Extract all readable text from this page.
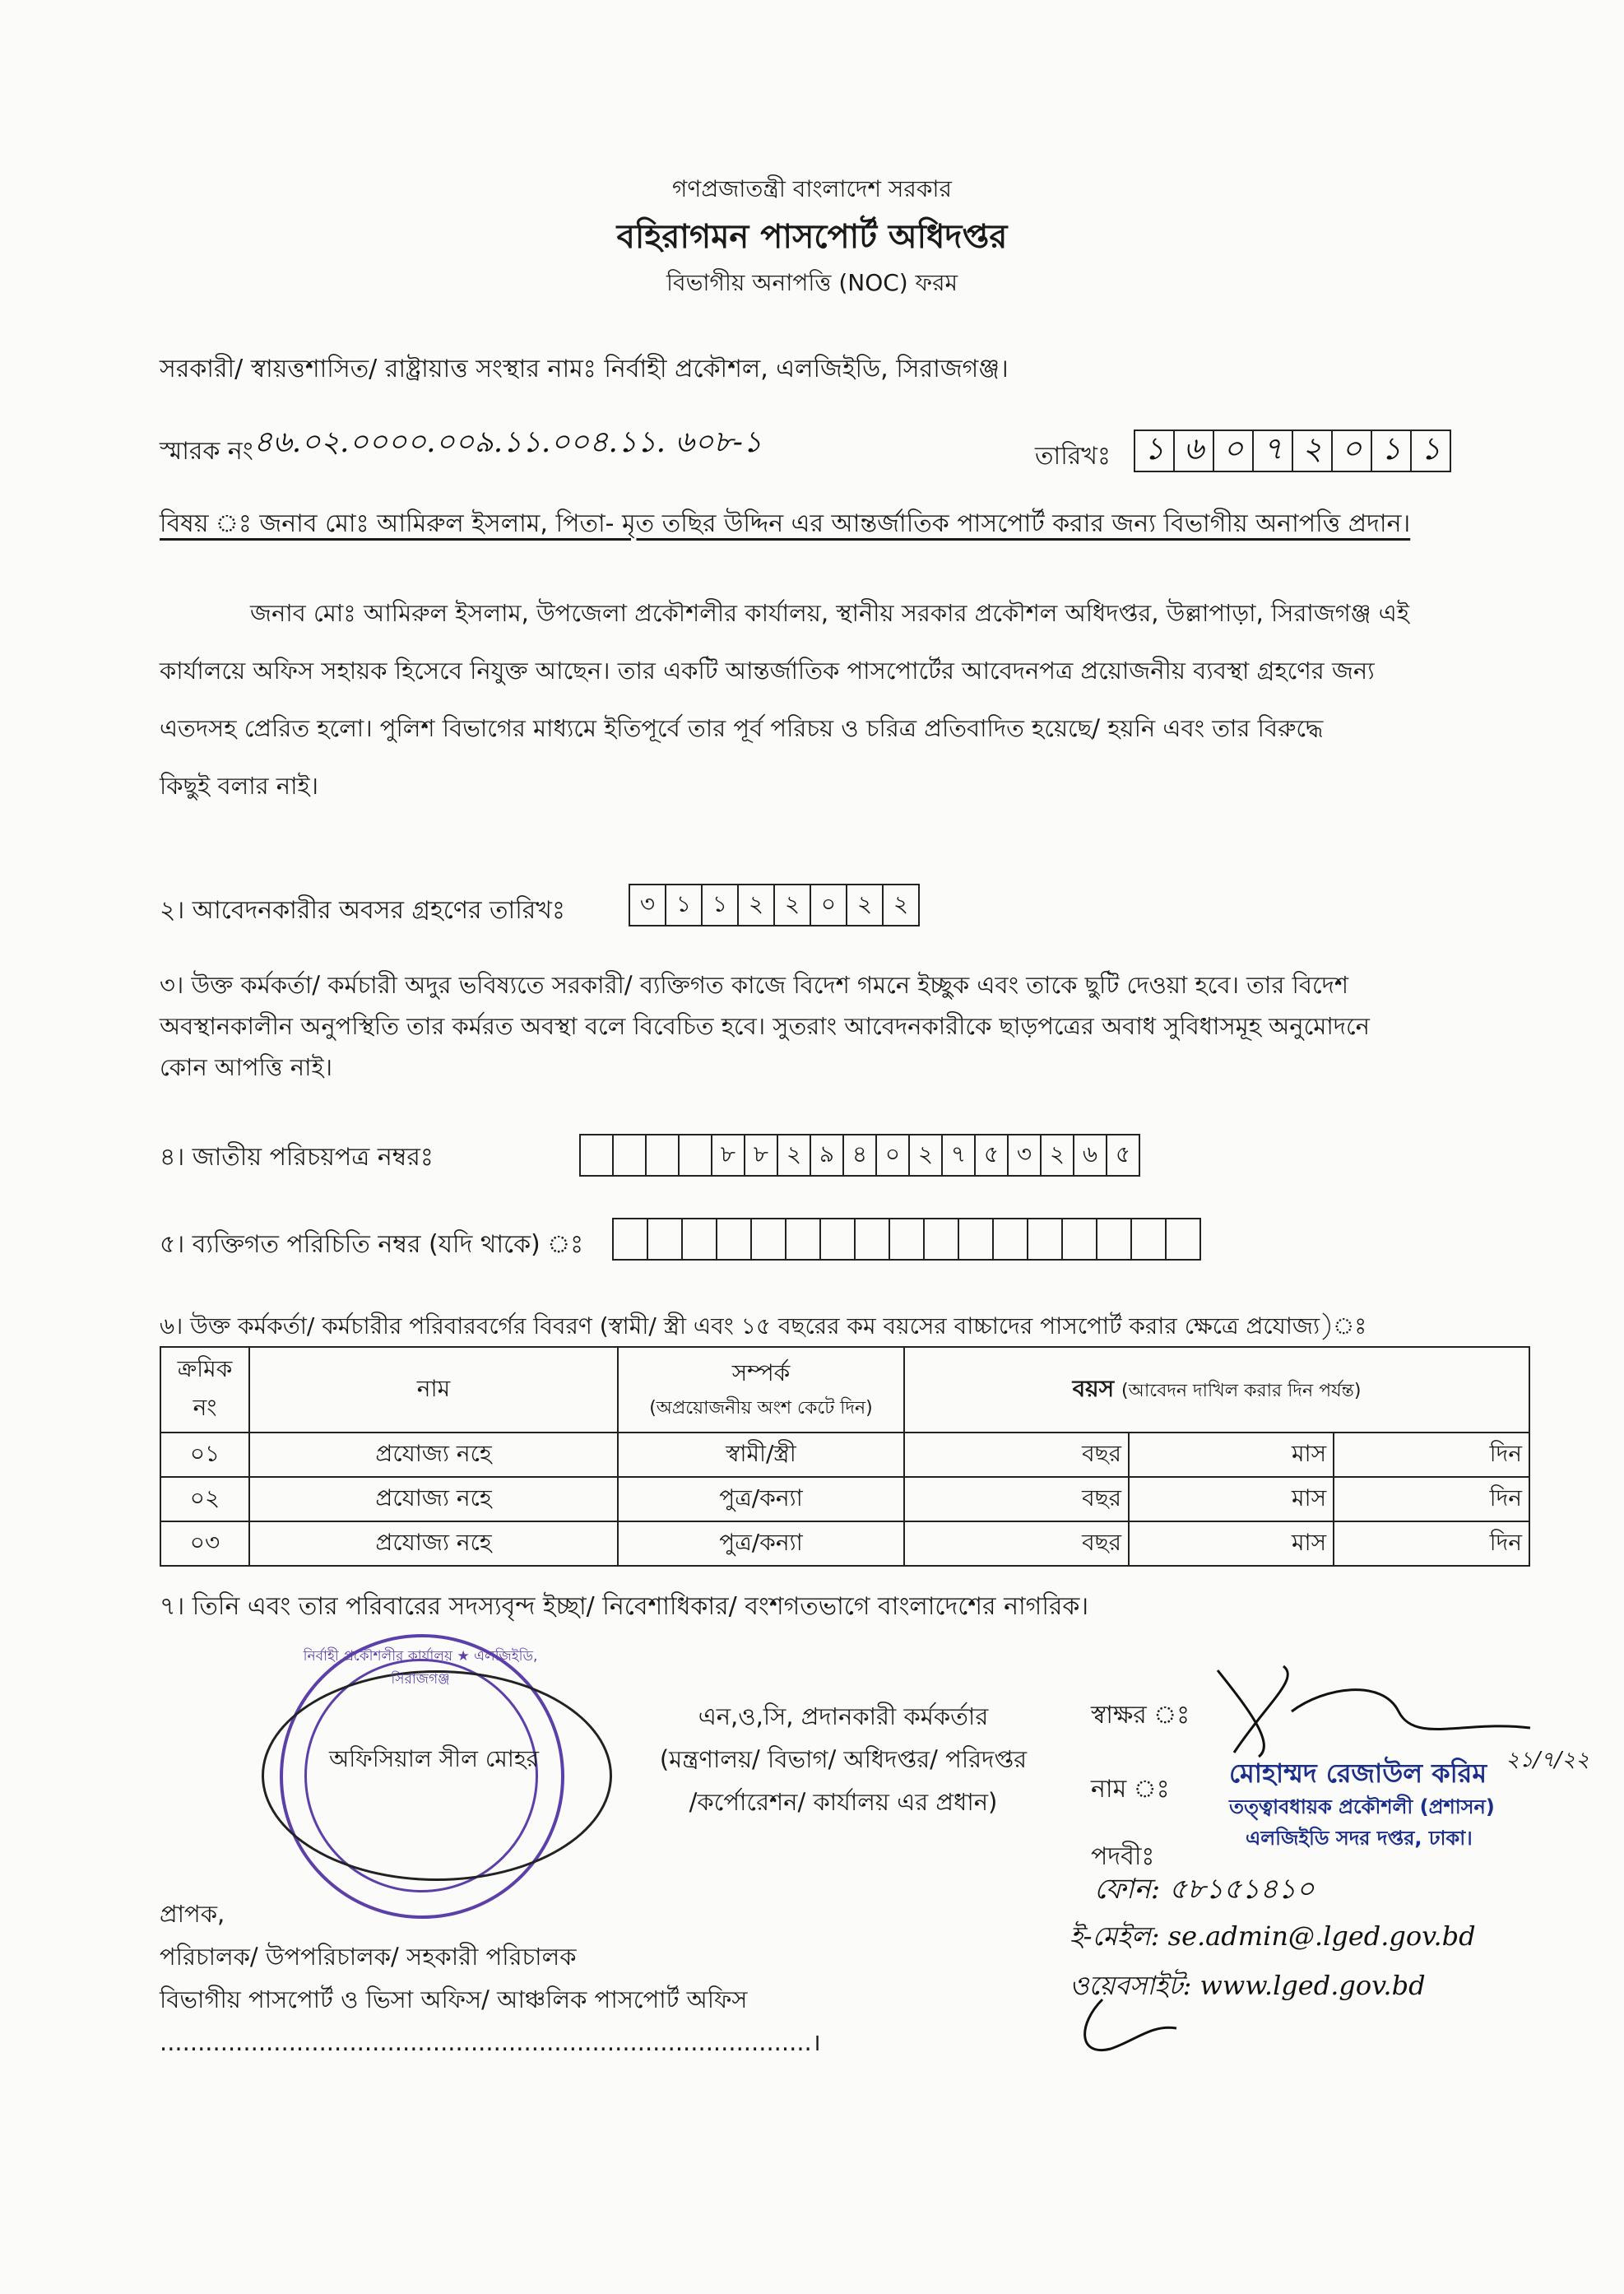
গণপ্রজাতন্ত্রী বাংলাদেশ সরকার
বহিরাগমন পাসপোর্ট অধিদপ্তর
বিভাগীয় অনাপত্তি (NOC) ফরম
সরকারী/ স্বায়ত্তশাসিত/ রাষ্ট্রায়াত্ত সংস্থার নামঃ নির্বাহী প্রকৌশল, এলজিইডি, সিরাজগঞ্জ।
স্মারক নং ৪৬.০২.০০০০.০০৯.১১.০০৪.১১. ৬০৮-১	তারিখঃ	১ ৬ ০ ৭ ২ ০ ১ ১
বিষয় ঃ জনাব মোঃ আমিরুল ইসলাম, পিতা- মৃত তছির উদ্দিন এর আন্তর্জাতিক পাসপোর্ট করার জন্য বিভাগীয় অনাপত্তি প্রদান।
জনাব মোঃ আমিরুল ইসলাম, উপজেলা প্রকৌশলীর কার্যালয়, স্থানীয় সরকার প্রকৌশল অধিদপ্তর, উল্লাপাড়া, সিরাজগঞ্জ এই
কার্যালয়ে অফিস সহায়ক হিসেবে নিযুক্ত আছেন। তার একটি আন্তর্জাতিক পাসপোর্টের আবেদনপত্র প্রয়োজনীয় ব্যবস্থা গ্রহণের জন্য
এতদসহ প্রেরিত হলো। পুলিশ বিভাগের মাধ্যমে ইতিপূর্বে তার পূর্ব পরিচয় ও চরিত্র প্রতিবাদিত হয়েছে/ হয়নি এবং তার বিরুদ্ধে
কিছুই বলার নাই।
২। আবেদনকারীর অবসর গ্রহণের তারিখঃ	৩ ১ ১ ২ ২ ০ ২ ২
৩। উক্ত কর্মকর্তা/ কর্মচারী অদুর ভবিষ্যতে সরকারী/ ব্যক্তিগত কাজে বিদেশ গমনে ইচ্ছুক এবং তাকে ছুটি দেওয়া হবে। তার বিদেশ
অবস্থানকালীন অনুপস্থিতি তার কর্মরত অবস্থা বলে বিবেচিত হবে। সুতরাং আবেদনকারীকে ছাড়পত্রের অবাধ সুবিধাসমূহ অনুমোদনে
কোন আপত্তি নাই।
৪। জাতীয় পরিচয়পত্র নম্বরঃ	৮ ৮ ২ ৯ ৪ ০ ২ ৭ ৫ ৩ ২ ৬ ৫
৫। ব্যক্তিগত পরিচিতি নম্বর (যদি থাকে) ঃ
৬। উক্ত কর্মকর্তা/ কর্মচারীর পরিবারবর্গের বিবরণ (স্বামী/ স্ত্রী এবং ১৫ বছরের কম বয়সের বাচ্চাদের পাসপোর্ট করার ক্ষেত্রে প্রযোজ্য)ঃ
ক্রমিক নং	নাম	সম্পর্ক
(অপ্রয়োজনীয় অংশ কেটে দিন)	বয়স (আবেদন দাখিল করার দিন পর্যন্ত)		
০১	প্রযোজ্য নহে	স্বামী/স্ত্রী	বছর	মাস	দিন
০২	প্রযোজ্য নহে	পুত্র/কন্যা	বছর	মাস	দিন
০৩	প্রযোজ্য নহে	পুত্র/কন্যা	বছর	মাস	দিন
৭। তিনি এবং তার পরিবারের সদস্যবৃন্দ ইচ্ছা/ নিবেশাধিকার/ বংশগতভাগে বাংলাদেশের নাগরিক।
নির্বাহী প্রকৌশলীর কার্যালয় ★ এলজিইডি, সিরাজগঞ্জ
অফিসিয়াল সীল মোহর
এন,ও,সি, প্রদানকারী কর্মকর্তার
(মন্ত্রণালয়/ বিভাগ/ অধিদপ্তর/ পরিদপ্তর
/কর্পোরেশন/ কার্যালয় এর প্রধান)
স্বাক্ষর ঃ
নাম ঃ
পদবীঃ
মোহাম্মদ রেজাউল করিম ২১/৭/২২
তত্ত্বাবধায়ক প্রকৌশলী (প্রশাসন)
এলজিইডি সদর দপ্তর, ঢাকা।
ফোন: ৫৮১৫১৪১০
ই-মেইল: se.admin@.lged.gov.bd
ওয়েবসাইট: www.lged.gov.bd
প্রাপক,
পরিচালক/ উপপরিচালক/ সহকারী পরিচালক
বিভাগীয় পাসপোর্ট ও ভিসা অফিস/ আঞ্চলিক পাসপোর্ট অফিস
......................................................................................।
